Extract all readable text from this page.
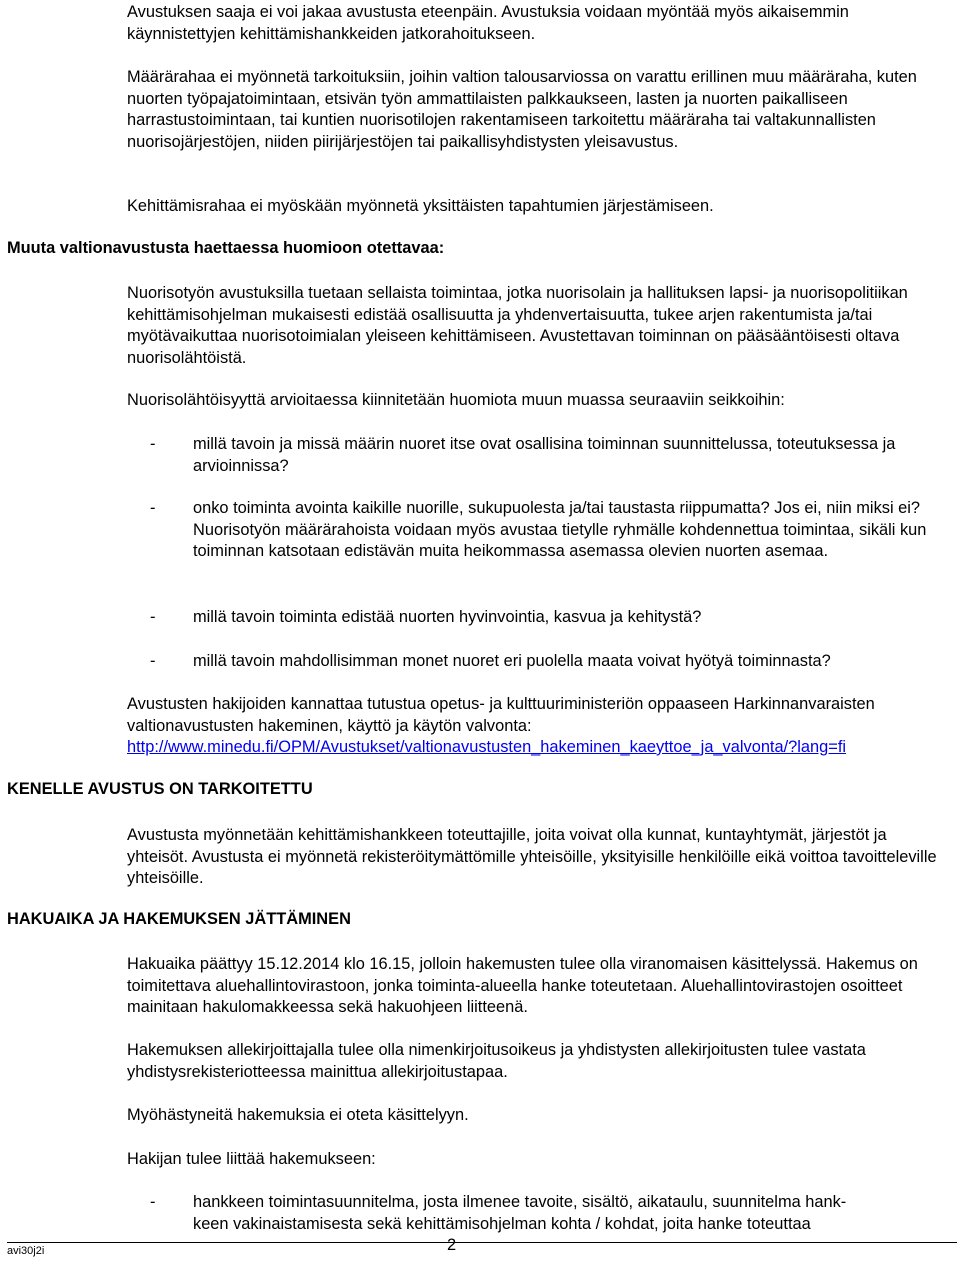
Avustuksen saaja ei voi jakaa avustusta eteenpäin. Avustuksia voidaan myöntää myös aikaisemmin käynnistettyjen kehittämishankkeiden jatkorahoitukseen.

Määrärahaa ei myönnetä tarkoituksiin, joihin valtion talousarviossa on varattu erillinen muu määräraha, kuten nuorten työpajatoimintaan, etsivän työn ammattilaisten palkkaukseen, lasten ja nuorten paikalliseen harrastustoimintaan, tai kuntien nuorisotilojen rakentamiseen tarkoitettu määräraha tai valtakunnallisten nuorisojärjestöjen, niiden piirijärjestöjen tai paikallisyhdistysten yleisavustus.

Kehittämisrahaa ei myöskään myönnetä yksittäisten tapahtumien järjestämiseen.

Muuta valtionavustusta haettaessa huomioon otettavaa:

Nuorisotyön avustuksilla tuetaan sellaista toimintaa, jotka nuorisolain ja hallituksen lapsi- ja nuorisopolitiikan kehittämisohjelman mukaisesti edistää osallisuutta ja yhdenvertaisuutta, tukee arjen rakentumista ja/tai myötävaikuttaa nuorisotoimialan yleiseen kehittämiseen. Avustettavan toiminnan on pääsääntöisesti oltava nuorisolähtöistä.

Nuorisolähtöisyyttä arvioitaessa kiinnitetään huomiota muun muassa seuraaviin seikkoihin:

- millä tavoin ja missä määrin nuoret itse ovat osallisina toiminnan suunnittelussa, toteutuksessa ja arvioinnissa?
- onko toiminta avointa kaikille nuorille, sukupuolesta ja/tai taustasta riippumatta? Jos ei, niin miksi ei? Nuorisotyön määrärahoista voidaan myös avustaa tietylle ryhmälle kohdennettua toimintaa, sikäli kun toiminnan katsotaan edistävän muita heikommassa asemassa olevien nuorten asemaa.
- millä tavoin toiminta edistää nuorten hyvinvointia, kasvua ja kehitystä?
- millä tavoin mahdollisimman monet nuoret eri puolella maata voivat hyötyä toiminnasta?

Avustusten hakijoiden kannattaa tutustua opetus- ja kulttuuriministeriön oppaaseen Harkinnanvaraisten valtionavustusten hakeminen, käyttö ja käytön valvonta:

http://www.minedu.fi/OPM/Avustukset/valtionavustusten_hakeminen_kaeyttoe_ja_valvonta/?lang=fi
KENELLE AVUSTUS ON TARKOITETTU

Avustusta myönnetään kehittämishankkeen toteuttajille, joita voivat olla kunnat, kuntayhtymät, järjestöt ja yhteisöt. Avustusta ei myönnetä rekisteröitymättömille yhteisöille, yksityisille henkilöille eikä voittoa tavoitteleville yhteisöille.

HAKUAIKA JA HAKEMUKSEN JÄTTÄMINEN

Hakuaika päättyy 15.12.2014 klo 16.15, jolloin hakemusten tulee olla viranomaisen käsittelyssä. Hakemus on toimitettava aluehallintovirastoon, jonka toiminta-alueella hanke toteutetaan. Aluehallintovirastojen osoitteet mainitaan hakulomakkeessa sekä hakuohjeen liitteenä.

Hakemuksen allekirjoittajalla tulee olla nimenkirjoitusoikeus ja yhdistysten allekirjoitusten tulee vastata yhdistysrekisteriotteessa mainittua allekirjoitustapaa.

Myöhästyneitä hakemuksia ei oteta käsittelyyn.

Hakijan tulee liittää hakemukseen:

- hankkeen toimintasuunnitelma, josta ilmenee tavoite, sisältö, aikataulu, suunnitelma hank-
keen vakinaistamisesta sekä kehittämisohjelman kohta / kohdat, joita hanke toteuttaa
avi30j2i	2
